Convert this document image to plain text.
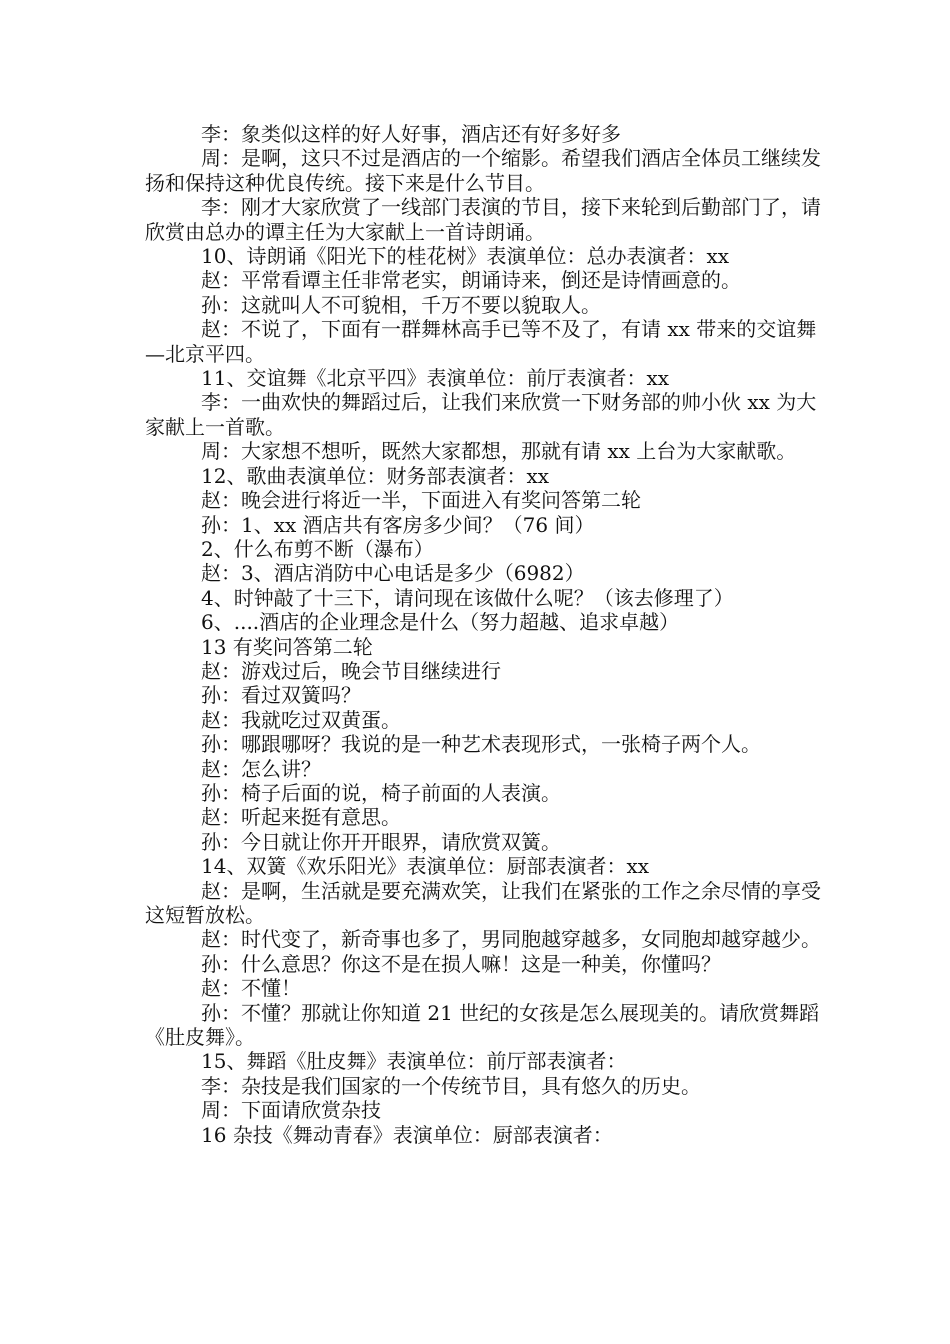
李：象类似这样的好人好事，酒店还有好多好多

周：是啊，这只不过是酒店的一个缩影。希望我们酒店全体员工继续发扬和保持这种优良传统。接下来是什么节目。

李：刚才大家欣赏了一线部门表演的节目，接下来轮到后勤部门了，请欣赏由总办的谭主任为大家献上一首诗朗诵。

10、诗朗诵《阳光下的桂花树》表演单位：总办表演者：xx

赵：平常看谭主任非常老实，朗诵诗来，倒还是诗情画意的。

孙：这就叫人不可貌相，千万不要以貌取人。

赵：不说了，下面有一群舞林高手已等不及了，有请 xx 带来的交谊舞—北京平四。

11、交谊舞《北京平四》表演单位：前厅表演者：xx

李：一曲欢快的舞蹈过后，让我们来欣赏一下财务部的帅小伙 xx 为大家献上一首歌。

周：大家想不想听，既然大家都想，那就有请 xx 上台为大家献歌。

12、歌曲表演单位：财务部表演者：xx

赵：晚会进行将近一半，下面进入有奖问答第二轮

孙：1、xx 酒店共有客房多少间？（76 间）

2、什么布剪不断（瀑布）

赵：3、酒店消防中心电话是多少（6982）

4、时钟敲了十三下，请问现在该做什么呢？（该去修理了）

6、....酒店的企业理念是什么（努力超越、追求卓越）

13 有奖问答第二轮

赵：游戏过后，晚会节目继续进行

孙：看过双簧吗？

赵：我就吃过双黄蛋。

孙：哪跟哪呀？我说的是一种艺术表现形式，一张椅子两个人。

赵：怎么讲？

孙：椅子后面的说，椅子前面的人表演。

赵：听起来挺有意思。

孙：今日就让你开开眼界，请欣赏双簧。

14、双簧《欢乐阳光》表演单位：厨部表演者：xx

赵：是啊，生活就是要充满欢笑，让我们在紧张的工作之余尽情的享受这短暂放松。

赵：时代变了，新奇事也多了，男同胞越穿越多，女同胞却越穿越少。

孙：什么意思？你这不是在损人嘛！这是一种美，你懂吗？

赵：不懂！

孙：不懂？那就让你知道 21 世纪的女孩是怎么展现美的。请欣赏舞蹈《肚皮舞》。

15、舞蹈《肚皮舞》表演单位：前厅部表演者：

李：杂技是我们国家的一个传统节目，具有悠久的历史。

周：下面请欣赏杂技

16 杂技《舞动青春》表演单位：厨部表演者：
